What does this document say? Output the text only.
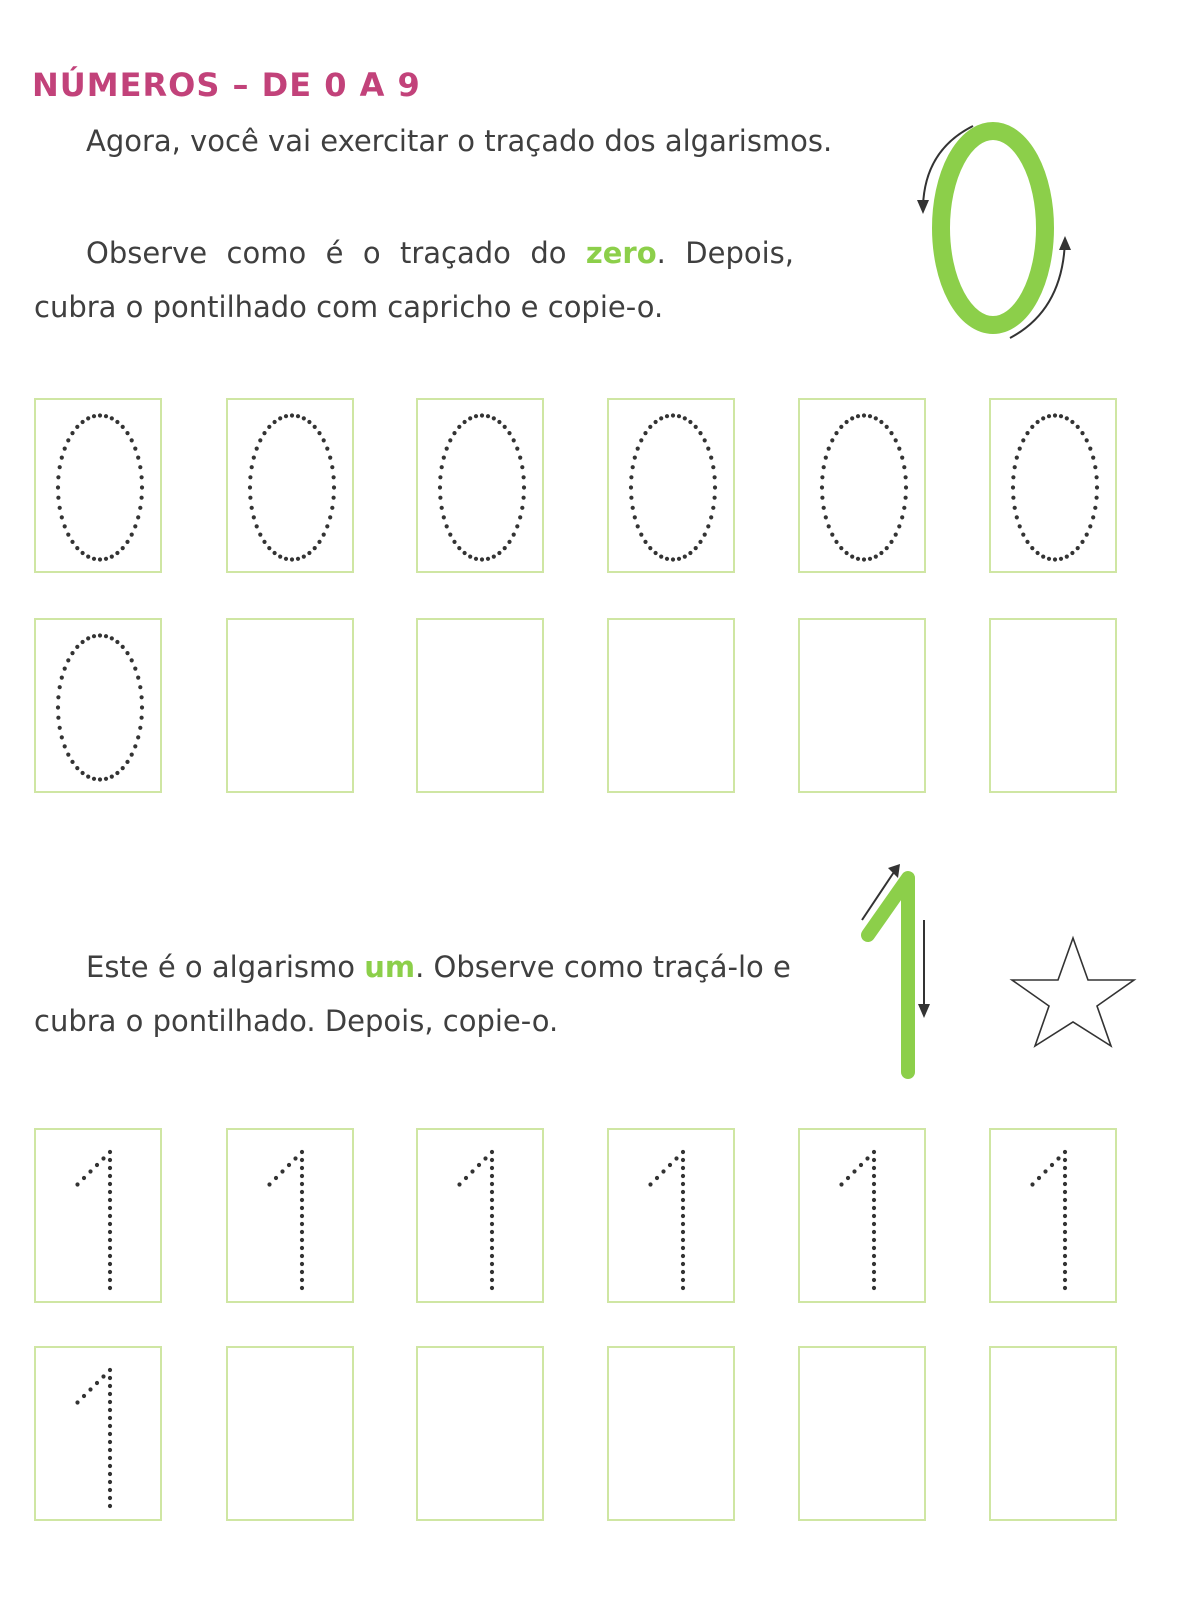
NÚMEROS – DE 0 A 9

Agora, você vai exercitar o traçado dos algarismos.

Observe como é o traçado do zero. Depois, cubra o pontilhado com capricho e copie-o.

Este é o algarismo um. Observe como traçá-lo e cubra o pontilhado. Depois, copie-o.
